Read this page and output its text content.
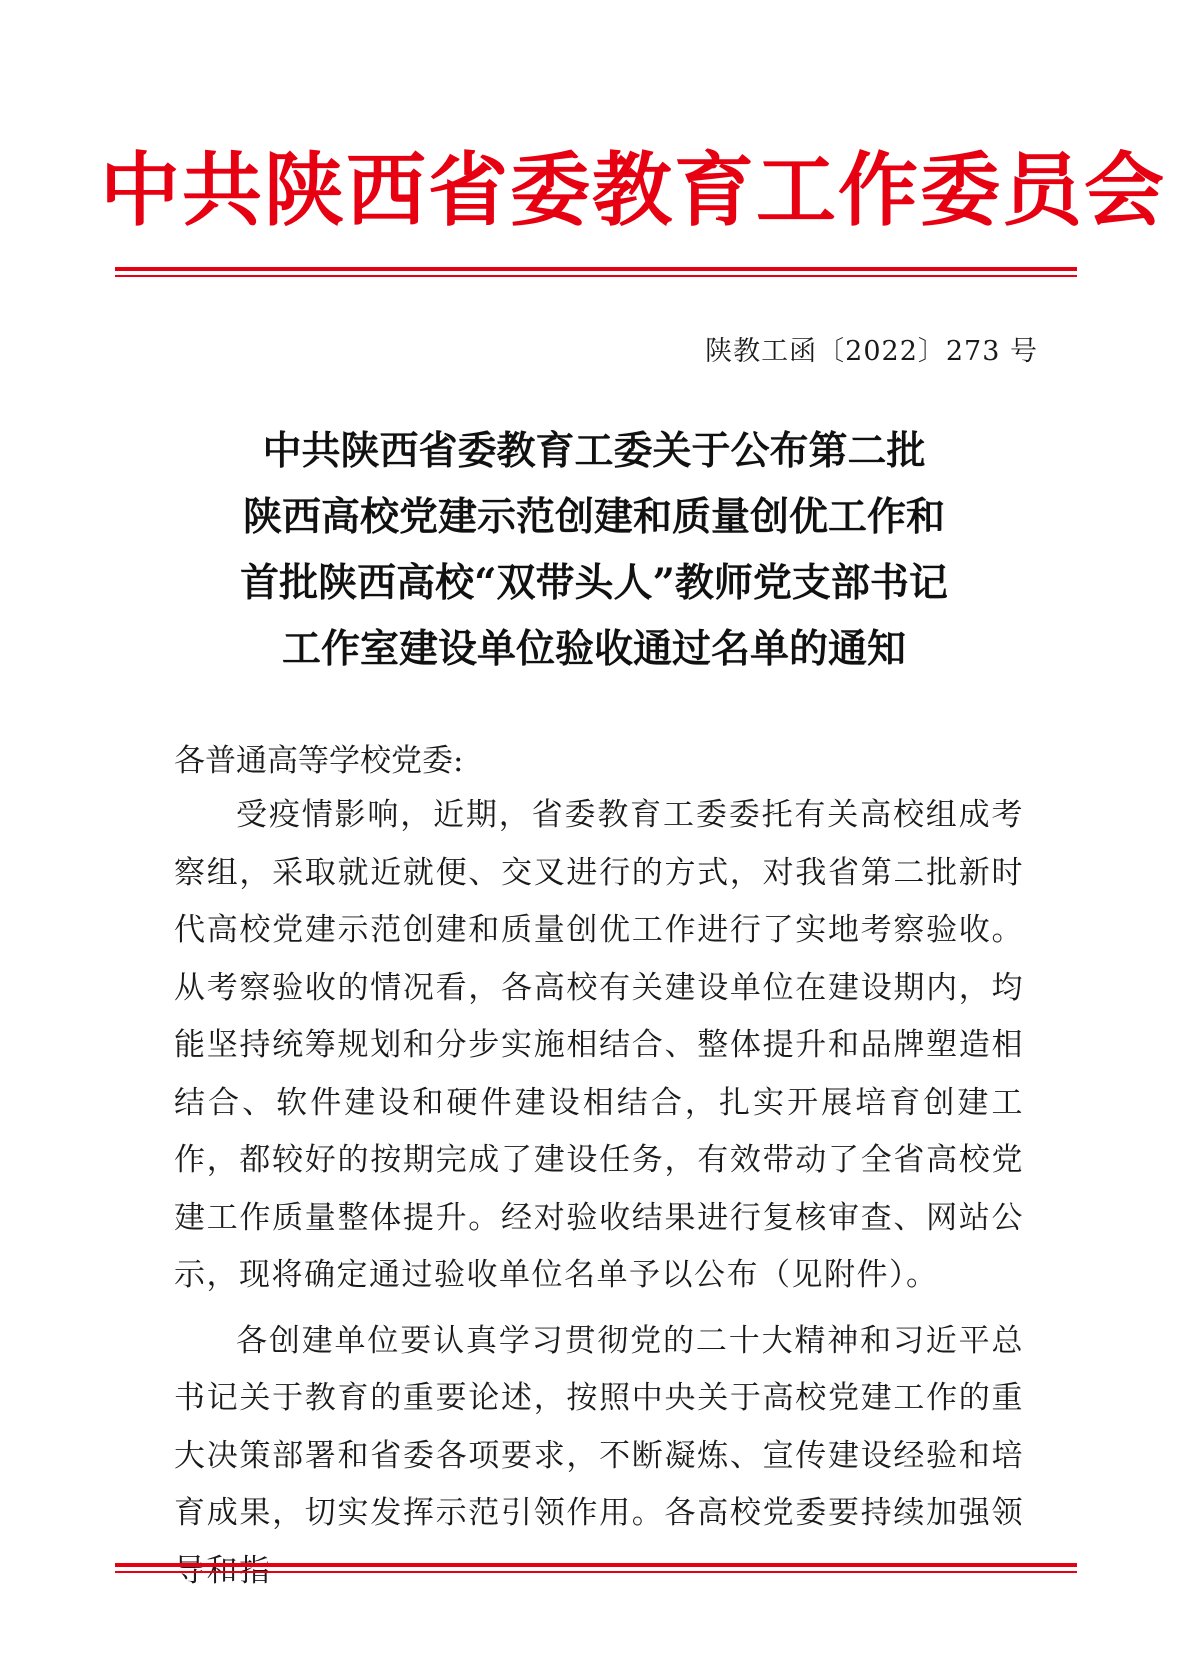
中共陕西省委教育工作委员会
陕教工函〔2022〕273 号
中共陕西省委教育工委关于公布第二批
陕西高校党建示范创建和质量创优工作和
首批陕西高校“双带头人”教师党支部书记
工作室建设单位验收通过名单的通知
各普通高等学校党委:
受疫情影响，近期，省委教育工委委托有关高校组成考察组，采取就近就便、交叉进行的方式，对我省第二批新时代高校党建示范创建和质量创优工作进行了实地考察验收。从考察验收的情况看，各高校有关建设单位在建设期内，均能坚持统筹规划和分步实施相结合、整体提升和品牌塑造相结合、软件建设和硬件建设相结合，扎实开展培育创建工作，都较好的按期完成了建设任务，有效带动了全省高校党建工作质量整体提升。经对验收结果进行复核审查、网站公示，现将确定通过验收单位名单予以公布（见附件）。
各创建单位要认真学习贯彻党的二十大精神和习近平总书记关于教育的重要论述，按照中央关于高校党建工作的重大决策部署和省委各项要求，不断凝炼、宣传建设经验和培育成果，切实发挥示范引领作用。各高校党委要持续加强领
